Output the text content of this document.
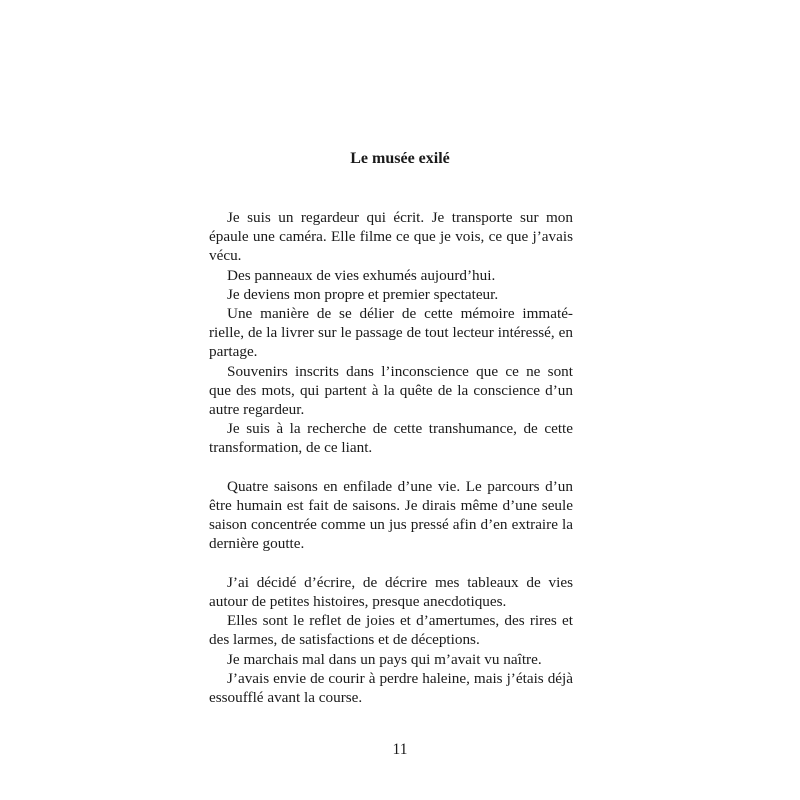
Le musée exilé

Je suis un regardeur qui écrit. Je transporte sur mon épaule une caméra. Elle filme ce que je vois, ce que j’avais vécu.

Des panneaux de vies exhumés aujourd’hui.

Je deviens mon propre et premier spectateur.

Une manière de se délier de cette mémoire immaté-rielle, de la livrer sur le passage de tout lecteur intéressé, en partage.

Souvenirs inscrits dans l’inconscience que ce ne sont que des mots, qui partent à la quête de la conscience d’un autre regardeur.

Je suis à la recherche de cette transhumance, de cette transformation, de ce liant.

Quatre saisons en enfilade d’une vie. Le parcours d’un être humain est fait de saisons. Je dirais même d’une seule saison concentrée comme un jus pressé afin d’en extraire la dernière goutte.

J’ai décidé d’écrire, de décrire mes tableaux de vies autour de petites histoires, presque anecdotiques.

Elles sont le reflet de joies et d’amertumes, des rires et des larmes, de satisfactions et de déceptions.

Je marchais mal dans un pays qui m’avait vu naître.

J’avais envie de courir à perdre haleine, mais j’étais déjà essoufflé avant la course.

11
